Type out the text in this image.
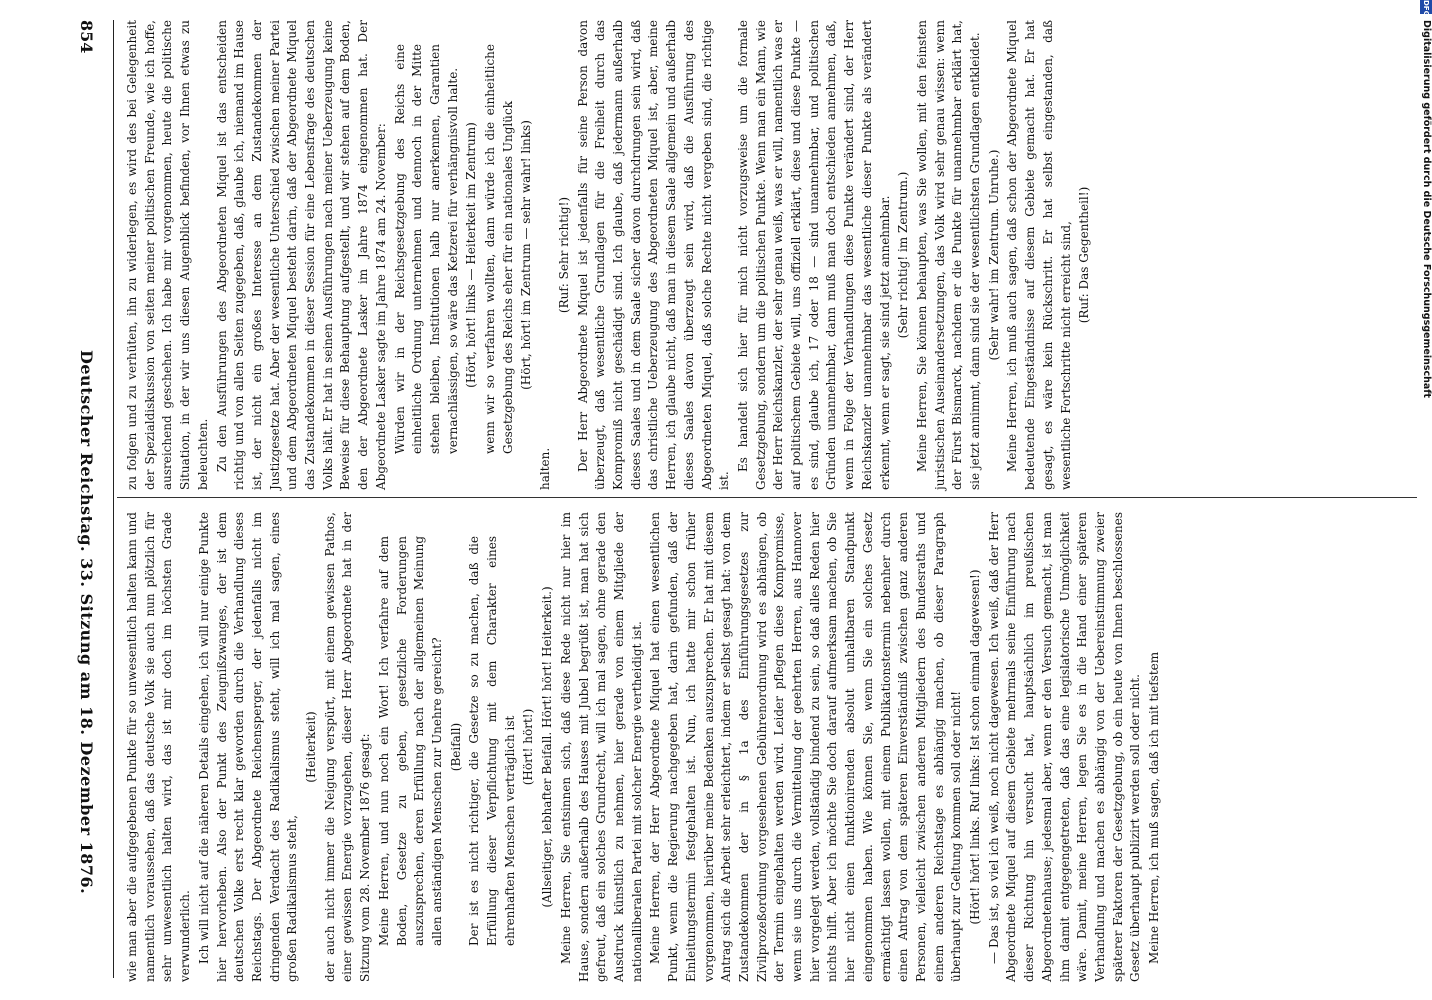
854
Deutscher Reichstag. 33. Sitzung am 18. Dezember 1876.

zu folgen und zu verhüten, ihn zu widerlegen, es wird des bei Gelegenheit der Spezialdiskussion von seiten meiner politischen Freunde, wie ich hoffe, ausreichend geschehen. Ich habe mir vorgenommen, heute die politische Situation, in der wir uns diesen Augenblick befinden, vor Ihnen etwas zu beleuchten. Zu den Ausführungen des Abgeordneten Miquel ist das entscheiden richtig und von allen Seiten zugegeben, daß, glaube ich, niemand im Hause ist, der nicht ein großes Interesse an dem Zustandekommen der Justizgesetze hat. Aber der wesentliche Unterschied zwischen meiner Partei und dem Abgeordneten Miquel besteht darin, daß der Abgeordnete Miquel das Zustandekommen in dieser Session für eine Lebensfrage des deutschen Volks hält. Er hat in seinen Ausführungen nach meiner Ueberzeugung keine Beweise für diese Behauptung aufgestellt, und wir stehen auf dem Boden, den der Abgeordnete Lasker im Jahre 1874 eingenommen hat. Der Abgeordnete Lasker sagte im Jahre 1874 am 24. November: Würden wir in der Reichsgesetzgebung des Reichs eine einheitliche Ordnung unternehmen und dennoch in der Mitte stehen bleiben, Institutionen halb nur anerkennen, Garantien vernachlässigen, so wäre das Ketzerei für verhängnisvoll halte. (Hört, hört! links — Heiterkeit im Zentrum) wenn wir so verfahren wollten, dann würde ich die einheitliche Gesetzgebung des Reichs eher für ein nationales Unglück (Hört, hört! im Zentrum — sehr wahr! links)

halten.

(Ruf: Sehr richtig!) Der Herr Abgeordnete Miquel ist jedenfalls für seine Person davon überzeugt, daß wesentliche Grundlagen für die Freiheit durch das Kompromiß nicht geschädigt sind. Ich glaube, daß jedermann außerhalb dieses Saales und in dem Saale sicher davon durchdrungen sein wird, daß das christliche Ueberzeugung des Abgeordneten Miquel ist, aber, meine Herren, ich glaube nicht, daß man in diesem Saale allgemein und außerhalb dieses Saales davon überzeugt sein wird, daß die Ausführung des Abgeordneten Miquel, daß solche Rechte nicht vergeben sind, die richtige ist.

Es handelt sich hier für mich nicht vorzugsweise um die formale Gesetzgebung, sondern um die politischen Punkte. Wenn man ein Mann, wie der Herr Reichskanzler, der sehr genau weiß, was er will, namentlich was er auf politischem Gebiete will, uns offiziell erklärt, diese und diese Punkte — es sind, glaube ich, 17 oder 18 — sind unannehmbar, und politischen Gründen unannehmbar, dann muß man doch entschieden annehmen, daß, wenn in Folge der Verhandlungen diese Punkte verändert sind, der Herr Reichskanzler unannehmbar das wesentliche dieser Punkte als verändert erkennt, wenn er sagt, sie sind jetzt annehmbar. (Sehr richtig! im Zentrum.) Meine Herren, Sie können behaupten, was Sie wollen, mit den feinsten juristischen Auseinandersetzungen, das Volk wird sehr genau wissen: wenn der Fürst Bismarck, nachdem er die Punkte für unannehmbar erklärt hat, sie jetzt annimmt, dann sind sie der wesentlichsten Grundlagen entkleidet. (Sehr wahr! im Zentrum. Unruhe.) Meine Herren, ich muß auch sagen, daß schon der Abgeordnete Miquel bedeutende Eingeständnisse auf diesem Gebiete gemacht hat. Er hat gesagt, es wäre kein Rückschritt. Er hat selbst eingestanden, daß wesentliche Fortschritte nicht erreicht sind, (Ruf: Das Gegentheil!)

wie man aber die aufgegebenen Punkte für so unwesentlich halten kann und namentlich voraussehen, daß das deutsche Volk sie auch nun plötzlich für sehr unwesentlich halten wird, das ist mir doch im höchsten Grade verwunderlich. Ich will nicht auf die näheren Details eingehen, ich will nur einige Punkte hier hervorheben. Also der Punkt des Zeugnißzwanges, der ist dem deutschen Volke erst recht klar geworden durch die Verhandlung dieses Reichstags. Der Abgeordnete Reichensperger, der jedenfalls nicht im dringenden Verdacht des Radikalismus steht, will ich mal sagen, eines großen Radikalismus steht,

(Heiterkeit) der auch nicht immer die Neigung verspürt, mit einem gewissen Pathos, einer gewissen Energie vorzugehen, dieser Herr Abgeordnete hat in der Sitzung vom 28. November 1876 gesagt: Meine Herren, und nun noch ein Wort! Ich verfahre auf dem Boden, Gesetze zu geben, gesetzliche Forderungen auszusprechen, deren Erfüllung nach der allgemeinen Meinung allen anständigen Menschen zur Unehre gereicht? (Beifall) Der ist es nicht richtiger, die Gesetze so zu machen, daß die Erfüllung dieser Verpflichtung mit dem Charakter eines ehrenhaften Menschen verträglich ist (Hört! hört!) (Allseitiger, lebhafter Beifall. Hört! hört! Heiterkeit.) Meine Herren, Sie entsinnen sich, daß diese Rede nicht nur hier im Hause, sondern außerhalb des Hauses mit Jubel begrüßt ist, man hat sich gefreut, daß ein solches Grundrecht, will ich mal sagen, ohne gerade den Ausdruck künstlich zu nehmen, hier gerade von einem Mitgliede der nationalliberalen Partei mit solcher Energie vertheidigt ist. Meine Herren, der Herr Abgeordnete Miquel hat einen wesentlichen Punkt, wenn die Regierung nachgegeben hat, darin gefunden, daß der Einleitungstermin festgehalten ist. Nun, ich hatte mir schon früher vorgenommen, hierüber meine Bedenken auszusprechen. Er hat mit diesem Antrag sich die Arbeit sehr erleichtert, indem er selbst gesagt hat: von dem Zustandekommen der in § 1a des Einführungsgesetzes zur Zivilprozeßordnung vorgesehenen Gebührenordnung wird es abhängen, ob der Termin eingehalten werden wird. Leider pflegen diese Kompromisse, wenn sie uns durch die Vermittelung der geehrten Herren, aus Hannover hier vorgelegt werden, vollständig bindend zu sein, so daß alles Reden hier nichts hilft. Aber ich möchte Sie doch darauf aufmerksam machen, ob Sie hier nicht einen funktionirenden absolut unhaltbaren Standpunkt eingenommen haben. Wie können Sie, wenn Sie ein solches Gesetz ermächtigt lassen wollen, mit einem Publikationstermin nebenher durch einen Antrag von dem späteren Einverständniß zwischen ganz anderen Personen, vielleicht zwischen anderen Mitgliedern des Bundesraths und einem anderen Reichstage es abhängig machen, ob dieser Paragraph überhaupt zur Geltung kommen soll oder nicht! (Hört! hört! links. Ruf links: Ist schon einmal dagewesen!) — Das ist, so viel ich weiß, noch nicht dagewesen. Ich weiß, daß der Herr Abgeordnete Miquel auf diesem Gebiete mehrmals seine Einführung nach dieser Richtung hin versucht hat, hauptsächlich im preußischen Abgeordnetenhause; jedesmal aber, wenn er den Versuch gemacht, ist man ihm damit entgegengetreten, daß das eine legislatorische Unmöglichkeit wäre. Damit, meine Herren, legen Sie es in die Hand einer späteren Verhandlung und machen es abhängig von der Uebereinstimmung zweier späterer Faktoren der Gesetzgebung, ob ein heute von Ihnen beschlossenes Gesetz überhaupt publizirt werden soll oder nicht. Meine Herren, ich muß sagen, daß ich mit tiefstem

DFG
Digitalisierung gefördert durch die Deutsche Forschungsgemeinschaft
